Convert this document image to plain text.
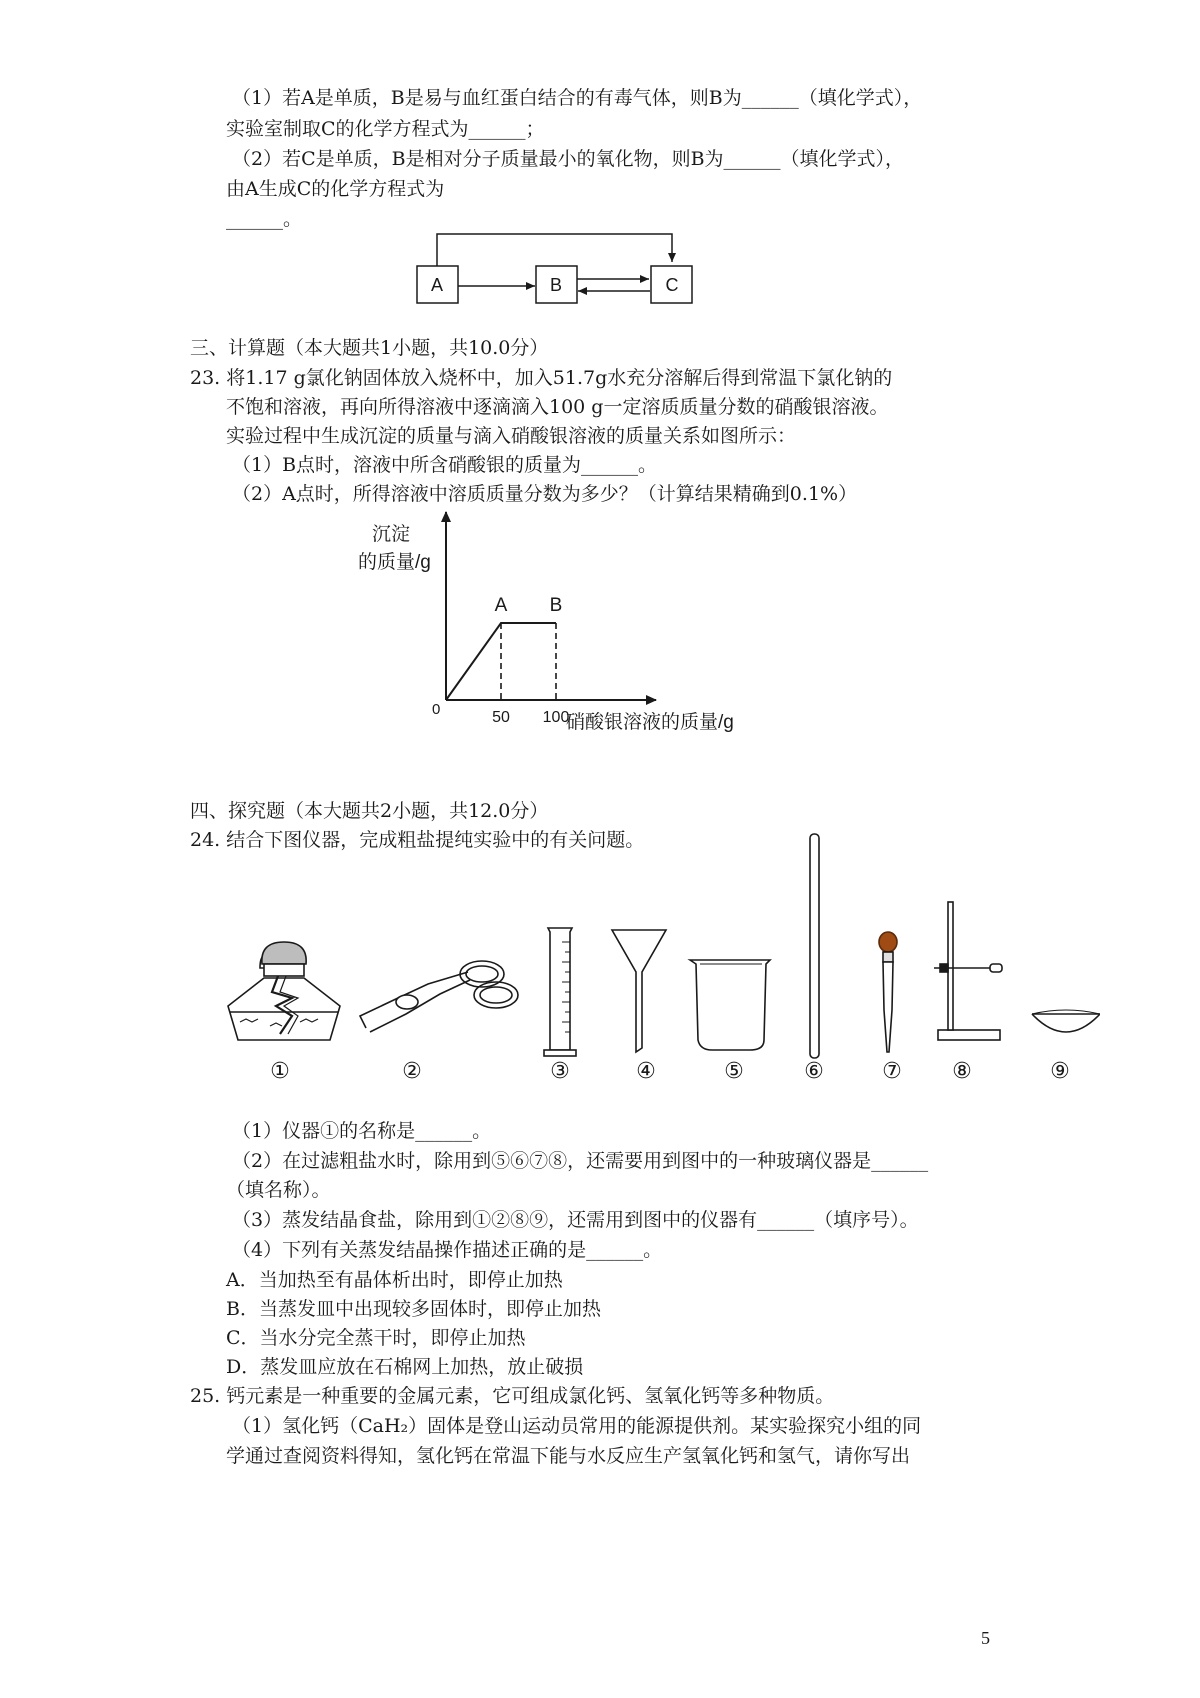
（1）若A是单质，B是易与血红蛋白结合的有毒气体，则B为______（填化学式），
实验室制取C的化学方程式为______；
（2）若C是单质，B是相对分子质量最小的氧化物，则B为______（填化学式），
由A生成C的化学方程式为
______。
A	B	C
三、计算题（本大题共1小题，共10.0分）
23. 将1.17 g氯化钠固体放入烧杯中，加入51.7g水充分溶解后得到常温下氯化钠的
不饱和溶液，再向所得溶液中逐滴滴入100 g一定溶质质量分数的硝酸银溶液。
实验过程中生成沉淀的质量与滴入硝酸银溶液的质量关系如图所示：
（1）B点时，溶液中所含硝酸银的质量为______。
（2）A点时，所得溶液中溶质质量分数为多少？（计算结果精确到0.1%）
沉淀
的质量/g
硝酸银溶液的质量/g
0
A B
50 100
四、探究题（本大题共2小题，共12.0分）
24. 结合下图仪器，完成粗盐提纯实验中的有关问题。
①	②	③	④	⑤	⑥	⑦ ⑧	⑨
（1）仪器①的名称是______。
（2）在过滤粗盐水时，除用到⑤⑥⑦⑧，还需要用到图中的一种玻璃仪器是______
（填名称）。
（3）蒸发结晶食盐，除用到①②⑧⑨，还需用到图中的仪器有______（填序号）。
（4）下列有关蒸发结晶操作描述正确的是______。
A．当加热至有晶体析出时，即停止加热
B．当蒸发皿中出现较多固体时，即停止加热
C．当水分完全蒸干时，即停止加热
D．蒸发皿应放在石棉网上加热，放止破损
25. 钙元素是一种重要的金属元素，它可组成氯化钙、氢氧化钙等多种物质。
（1）氢化钙（CaH₂）固体是登山运动员常用的能源提供剂。某实验探究小组的同
学通过查阅资料得知，氢化钙在常温下能与水反应生产氢氧化钙和氢气，请你写出
5
